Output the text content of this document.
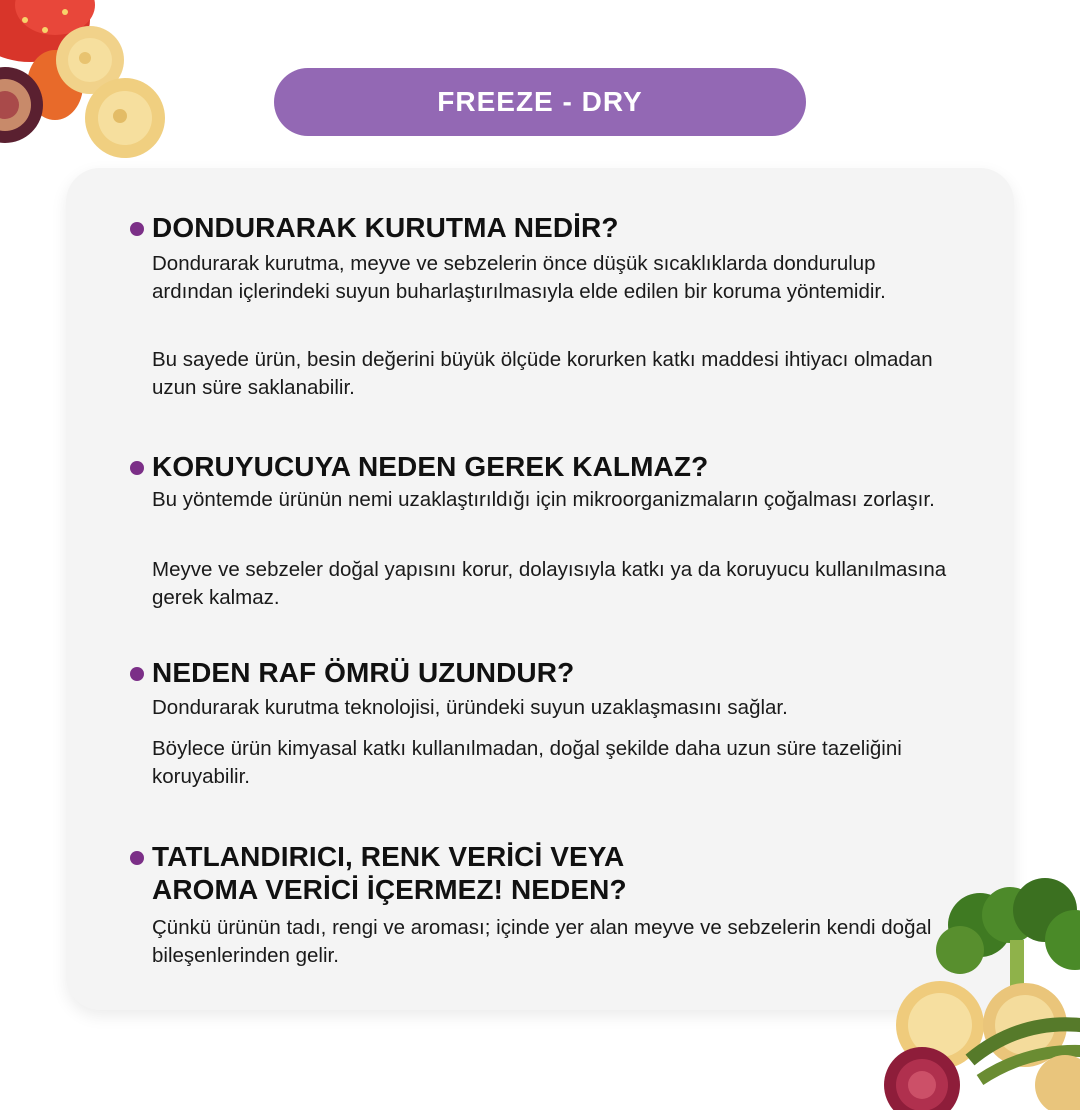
FREEZE - DRY
DONDURARAK KURUTMA NEDİR?

Dondurarak kurutma, meyve ve sebzelerin önce düşük sıcaklıklarda dondurulup ardından içlerindeki suyun buharlaştırılmasıyla elde edilen bir koruma yöntemidir.

Bu sayede ürün, besin değerini büyük ölçüde korurken katkı maddesi ihtiyacı olmadan uzun süre saklanabilir.

KORUYUCUYA NEDEN GEREK KALMAZ?

Bu yöntemde ürünün nemi uzaklaştırıldığı için mikroorganizmaların çoğalması zorlaşır.

Meyve ve sebzeler doğal yapısını korur, dolayısıyla katkı ya da koruyucu kullanılmasına gerek kalmaz.

NEDEN RAF ÖMRÜ UZUNDUR?

Dondurarak kurutma teknolojisi, üründeki suyun uzaklaşmasını sağlar.

Böylece ürün kimyasal katkı kullanılmadan, doğal şekilde daha uzun süre tazeliğini koruyabilir.

TATLANDIRICI, RENK VERİCİ VEYA
AROMA VERİCİ İÇERMEZ! NEDEN?

Çünkü ürünün tadı, rengi ve aroması; içinde yer alan meyve ve sebzelerin kendi doğal bileşenlerinden gelir.
